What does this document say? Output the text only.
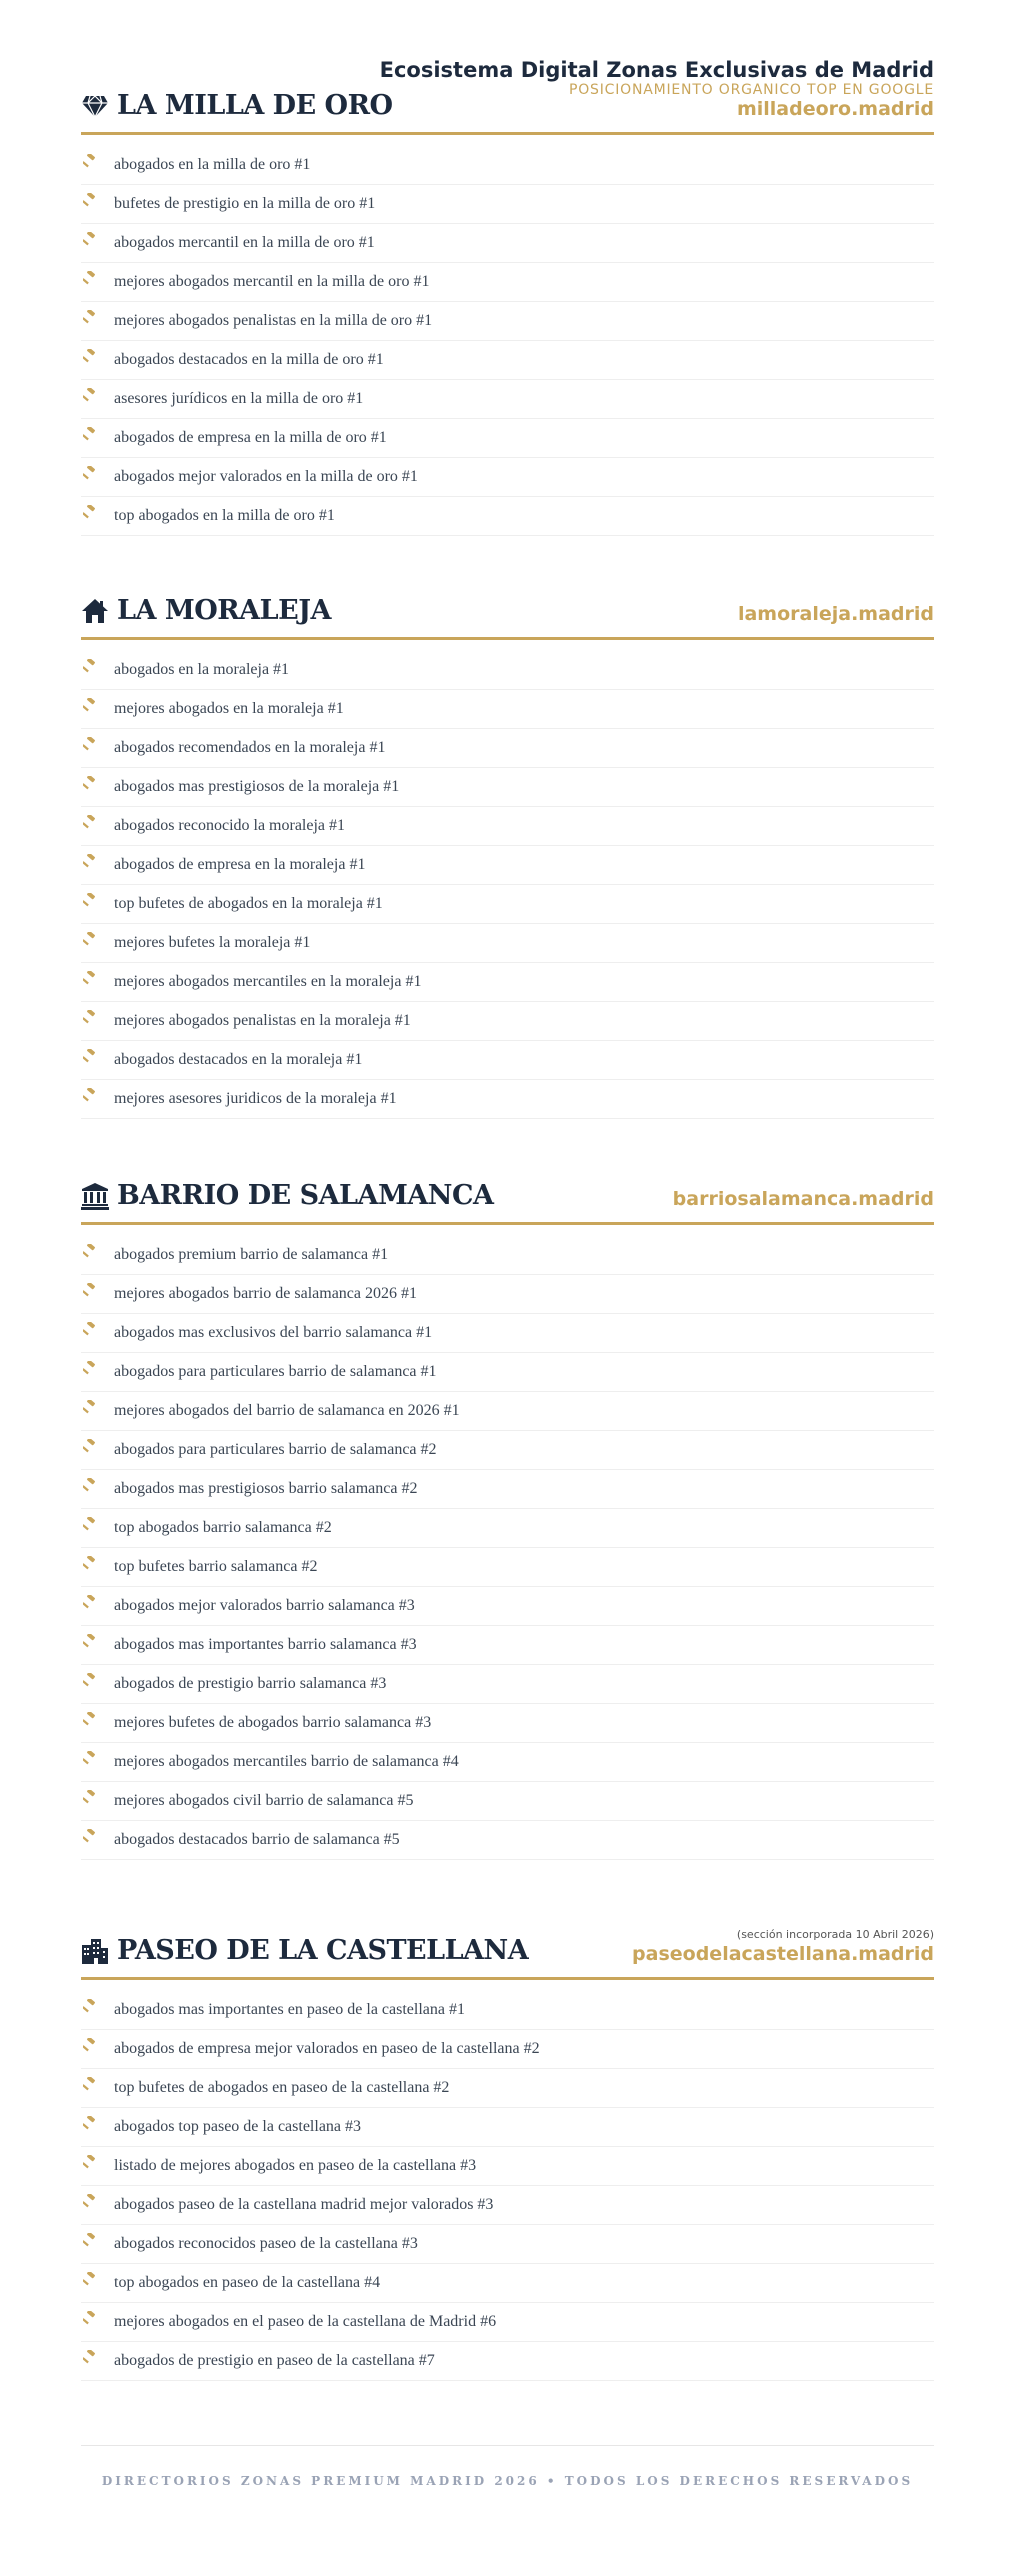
LA MILLA DE ORO
Ecosistema Digital Zonas Exclusivas de Madrid
POSICIONAMIENTO ORGANICO TOP EN GOOGLE
milladeoro.madrid
abogados en la milla de oro #1
bufetes de prestigio en la milla de oro #1
abogados mercantil en la milla de oro #1
mejores abogados mercantil en la milla de oro #1
mejores abogados penalistas en la milla de oro #1
abogados destacados en la milla de oro #1
asesores jurídicos en la milla de oro #1
abogados de empresa en la milla de oro #1
abogados mejor valorados en la milla de oro #1
top abogados en la milla de oro #1
LA MORALEJA	lamoraleja.madrid
abogados en la moraleja #1
mejores abogados en la moraleja #1
abogados recomendados en la moraleja #1
abogados mas prestigiosos de la moraleja #1
abogados reconocido la moraleja #1
abogados de empresa en la moraleja #1
top bufetes de abogados en la moraleja #1
mejores bufetes la moraleja #1
mejores abogados mercantiles en la moraleja #1
mejores abogados penalistas en la moraleja #1
abogados destacados en la moraleja #1
mejores asesores juridicos de la moraleja #1
BARRIO DE SALAMANCA	barriosalamanca.madrid
abogados premium barrio de salamanca #1
mejores abogados barrio de salamanca 2026 #1
abogados mas exclusivos del barrio salamanca #1
abogados para particulares barrio de salamanca #1
mejores abogados del barrio de salamanca en 2026 #1
abogados para particulares barrio de salamanca #2
abogados mas prestigiosos barrio salamanca #2
top abogados barrio salamanca #2
top bufetes barrio salamanca #2
abogados mejor valorados barrio salamanca #3
abogados mas importantes barrio salamanca #3
abogados de prestigio barrio salamanca #3
mejores bufetes de abogados barrio salamanca #3
mejores abogados mercantiles barrio de salamanca #4
mejores abogados civil barrio de salamanca #5
abogados destacados barrio de salamanca #5
PASEO DE LA CASTELLANA
(sección incorporada 10 Abril 2026)
paseodelacastellana.madrid
abogados mas importantes en paseo de la castellana #1
abogados de empresa mejor valorados en paseo de la castellana #2
top bufetes de abogados en paseo de la castellana #2
abogados top paseo de la castellana #3
listado de mejores abogados en paseo de la castellana #3
abogados paseo de la castellana madrid mejor valorados #3
abogados reconocidos paseo de la castellana #3
top abogados en paseo de la castellana #4
mejores abogados en el paseo de la castellana de Madrid #6
abogados de prestigio en paseo de la castellana #7
DIRECTORIOS ZONAS PREMIUM MADRID 2026 • TODOS LOS DERECHOS RESERVADOS
